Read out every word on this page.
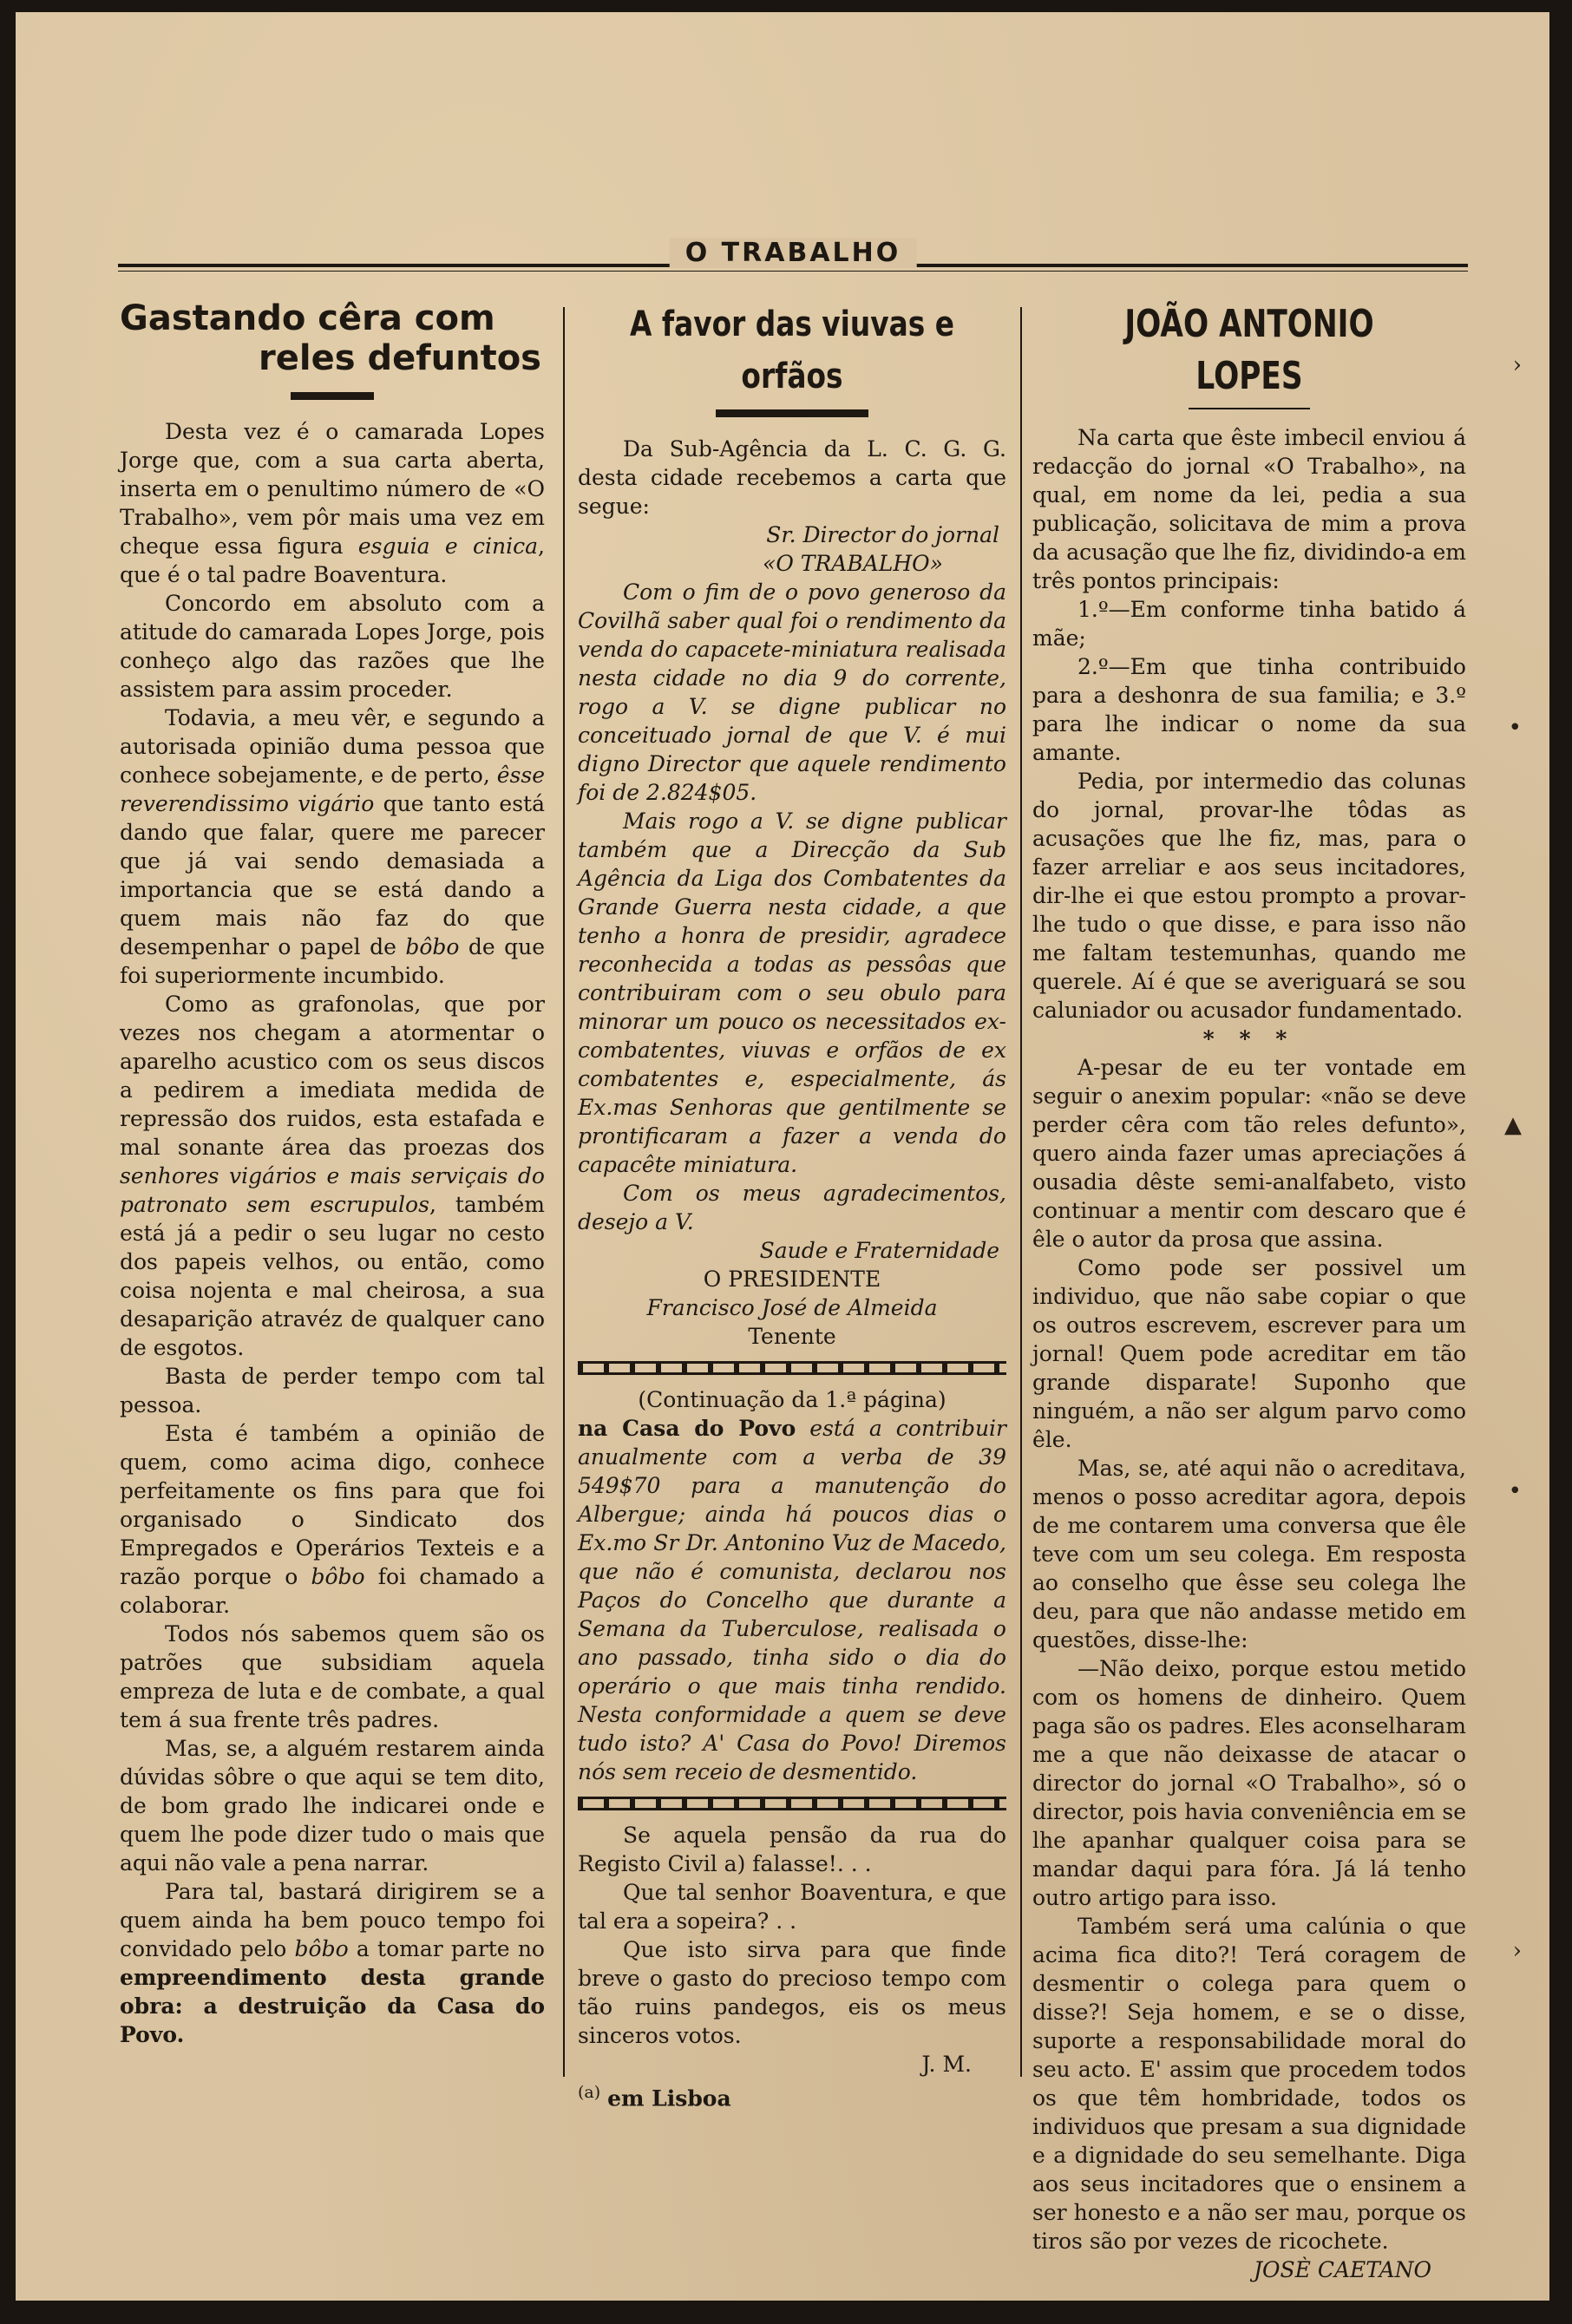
O TRABALHO
Gastando cêra com
reles defuntos

Desta vez é o camarada Lopes Jorge que, com a sua carta aberta, inserta em o penultimo número de «O Trabalho», vem pôr mais uma vez em cheque essa figura esguia e cinica, que é o tal padre Boaventura.

Concordo em absoluto com a atitude do camarada Lopes Jorge, pois conheço algo das razões que lhe assistem para assim proceder.

Todavia, a meu vêr, e segundo a autorisada opinião duma pessoa que conhece sobejamente, e de perto, êsse reverendissimo vigário que tanto está dando que falar, quere me parecer que já vai sendo demasiada a importancia que se está dando a quem mais não faz do que desempenhar o papel de bôbo de que foi superiormente incumbido.

Como as grafonolas, que por vezes nos chegam a atormentar o aparelho acustico com os seus discos a pedirem a imediata medida de repressão dos ruidos, esta estafada e mal sonante área das proezas dos senhores vigários e mais serviçais do patronato sem escrupulos, também está já a pedir o seu lugar no cesto dos papeis velhos, ou então, como coisa nojenta e mal cheirosa, a sua desaparição atravéz de qualquer cano de esgotos.

Basta de perder tempo com tal pessoa.

Esta é também a opinião de quem, como acima digo, conhece perfeitamente os fins para que foi organisado o Sindicato dos Empregados e Operários Texteis e a razão porque o bôbo foi chamado a colaborar.

Todos nós sabemos quem são os patrões que subsidiam aquela empreza de luta e de combate, a qual tem á sua frente três padres.

Mas, se, a alguém restarem ainda dúvidas sôbre o que aqui se tem dito, de bom grado lhe indicarei onde e quem lhe pode dizer tudo o mais que aqui não vale a pena narrar.

Para tal, bastará dirigirem se a quem ainda ha bem pouco tempo foi convidado pelo bôbo a tomar parte no empreendimento desta grande obra: a destruição da Casa do Povo.

A favor das viuvas e orfãos

Da Sub-Agência da L. C. G. G. desta cidade recebemos a carta que segue:

Sr. Director do jornal

«O TRABALHO»

Com o fim de o povo generoso da Covilhã saber qual foi o rendimento da venda do capacete-miniatura realisada nesta cidade no dia 9 do corrente, rogo a V. se digne publicar no conceituado jornal de que V. é mui digno Director que aquele rendimento foi de 2.824$05.

Mais rogo a V. se digne publicar também que a Direcção da Sub Agência da Liga dos Combatentes da Grande Guerra nesta cidade, a que tenho a honra de presidir, agradece reconhecida a todas as pessôas que contribuiram com o seu obulo para minorar um pouco os necessitados ex-combatentes, viuvas e orfãos de ex combatentes e, especialmente, ás Ex.mas Senhoras que gentilmente se prontificaram a fazer a venda do capacête miniatura.

Com os meus agradecimentos, desejo a V.

Saude e Fraternidade

O PRESIDENTE

Francisco José de Almeida

Tenente

(Continuação da 1.ª página)

na Casa do Povo está a contribuir anualmente com a verba de 39 549$70 para a manutenção do Albergue; ainda há poucos dias o Ex.mo Sr Dr. Antonino Vuz de Macedo, que não é comunista, declarou nos Paços do Concelho que durante a Semana da Tuberculose, realisada o ano passado, tinha sido o dia do operário o que mais tinha rendido. Nesta conformidade a quem se deve tudo isto? A' Casa do Povo! Diremos nós sem receio de desmentido.

Se aquela pensão da rua do Registo Civil a) falasse!. . .

Que tal senhor Boaventura, e que tal era a sopeira? . .

Que isto sirva para que finde breve o gasto do precioso tempo com tão ruins pandegos, eis os meus sinceros votos.

J. M.

$^{(a)}$ em Lisboa

JOÃO ANTONIO LOPES

Na carta que êste imbecil enviou á redacção do jornal «O Trabalho», na qual, em nome da lei, pedia a sua publicação, solicitava de mim a prova da acusação que lhe fiz, dividindo-a em três pontos principais:

1.º—Em conforme tinha batido á mãe;

2.º—Em que tinha contribuido para a deshonra de sua familia; e 3.º para lhe indicar o nome da sua amante.

Pedia, por intermedio das colunas do jornal, provar-lhe tôdas as acusações que lhe fiz, mas, para o fazer arreliar e aos seus incitadores, dir-lhe ei que estou prompto a provar-lhe tudo o que disse, e para isso não me faltam testemunhas, quando me querele. Aí é que se averiguará se sou caluniador ou acusador fundamentado.

* * *

A-pesar de eu ter vontade em seguir o anexim popular: «não se deve perder cêra com tão reles defunto», quero ainda fazer umas apreciações á ousadia dêste semi-analfabeto, visto continuar a mentir com descaro que é êle o autor da prosa que assina.

Como pode ser possivel um individuo, que não sabe copiar o que os outros escrevem, escrever para um jornal! Quem pode acreditar em tão grande disparate! Suponho que ninguém, a não ser algum parvo como êle.

Mas, se, até aqui não o acreditava, menos o posso acreditar agora, depois de me contarem uma conversa que êle teve com um seu colega. Em resposta ao conselho que êsse seu colega lhe deu, para que não andasse metido em questões, disse-lhe:

—Não deixo, porque estou metido com os homens de dinheiro. Quem paga são os padres. Eles aconselharam me a que não deixasse de atacar o director do jornal «O Trabalho», só o director, pois havia conveniência em se lhe apanhar qualquer coisa para se mandar daqui para fóra. Já lá tenho outro artigo para isso.

Também será uma calúnia o que acima fica dito?! Terá coragem de desmentir o colega para quem o disse?! Seja homem, e se o disse, suporte a responsabilidade moral do seu acto. E' assim que procedem todos os que têm hombridade, todos os individuos que presam a sua dignidade e a dignidade do seu semelhante. Diga aos seus incitadores que o ensinem a ser honesto e a não ser mau, porque os tiros são por vezes de ricochete.

JOSÈ CAETANO

›
•
▲
•
›
